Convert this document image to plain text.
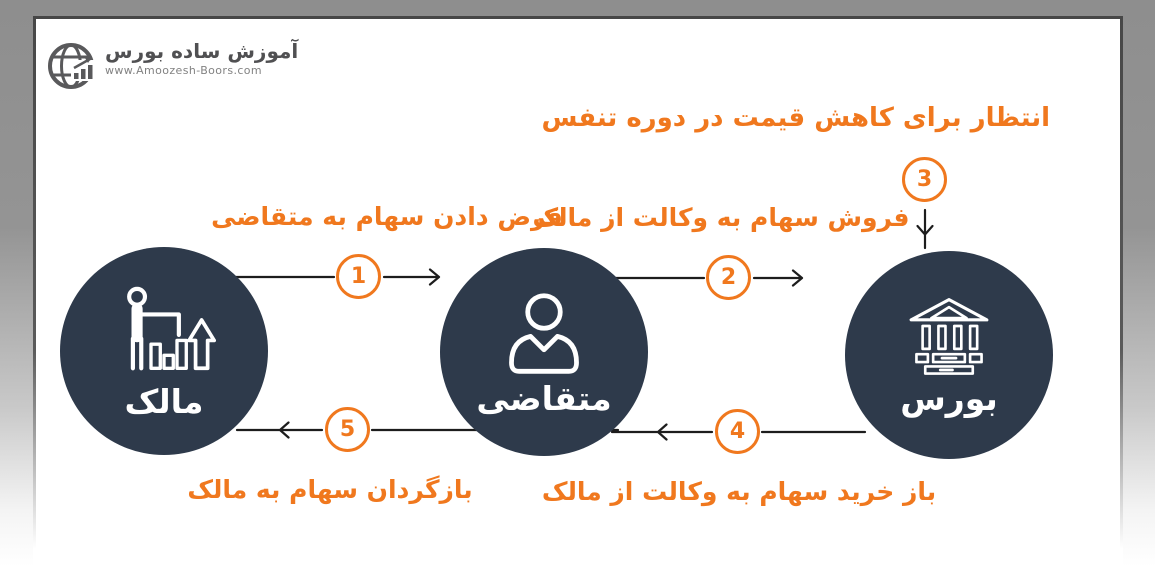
آموزش ساده بورس
www.Amoozesh-Boors.com
انتظار برای کاهش قیمت در دوره تنفس
قرض دادن سهام به متقاضی
فروش سهام به وکالت از مالک
باز خرید سهام به وکالت از مالک
بازگردان سهام به مالک
1	2
3
4
5
مالک	متقاضی	بورس
